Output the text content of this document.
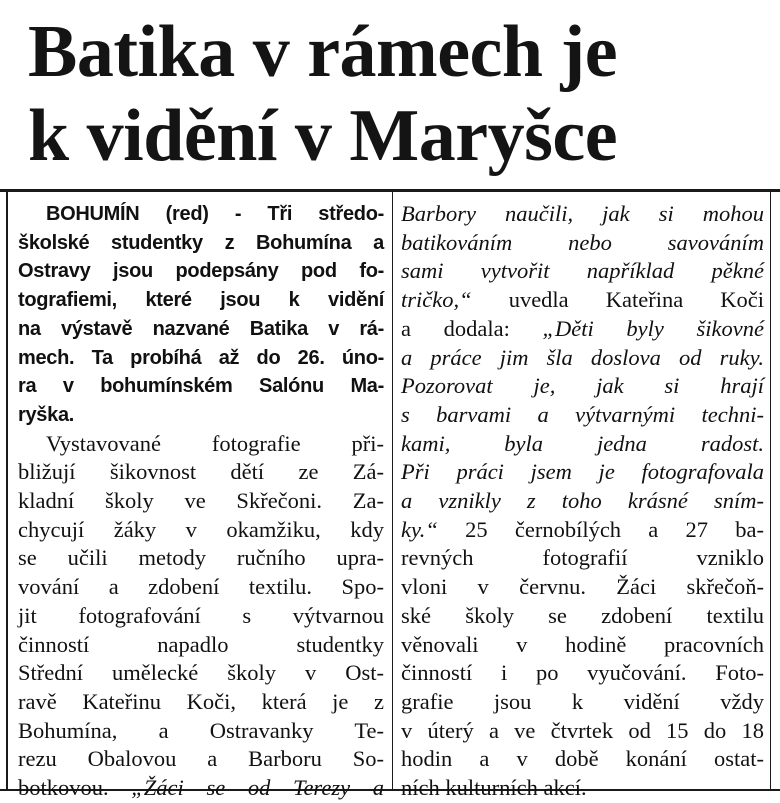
Batika v rámech je
k vidění v Maryšce
BOHUMÍN (red) - Tři středo-
školské studentky z Bohumína a
Ostravy jsou podepsány pod fo-
tografiemi, které jsou k vidění
na výstavě nazvané Batika v rá-
mech. Ta probíhá až do 26. úno-
ra v bohumínském Salónu Ma-
ryška.
Vystavované fotografie při-
bližují šikovnost dětí ze Zá-
kladní školy ve Skřečoni. Za-
chycují žáky v okamžiku, kdy
se učili metody ručního upra-
vování a zdobení textilu. Spo-
jit fotografování s výtvarnou
činností napadlo studentky
Střední umělecké školy v Ost-
ravě Kateřinu Koči, která je z
Bohumína, a Ostravanky Te-
rezu Obalovou a Barboru So-
botkovou. „Žáci se od Terezy a
Barbory naučili, jak si mohou
batikováním nebo savováním
sami vytvořit například pěkné
tričko,“ uvedla Kateřina Koči
a dodala: „Děti byly šikovné
a práce jim šla doslova od ruky.
Pozorovat je, jak si hrají
s barvami a výtvarnými techni-
kami, byla jedna radost.
Při práci jsem je fotografovala
a vznikly z toho krásné sním-
ky.“ 25 černobílých a 27 ba-
revných fotografií vzniklo
vloni v červnu. Žáci skřečoň-
ské školy se zdobení textilu
věnovali v hodině pracovních
činností i po vyučování. Foto-
grafie jsou k vidění vždy
v úterý a ve čtvrtek od 15 do 18
hodin a v době konání ostat-
ních kulturních akcí.
